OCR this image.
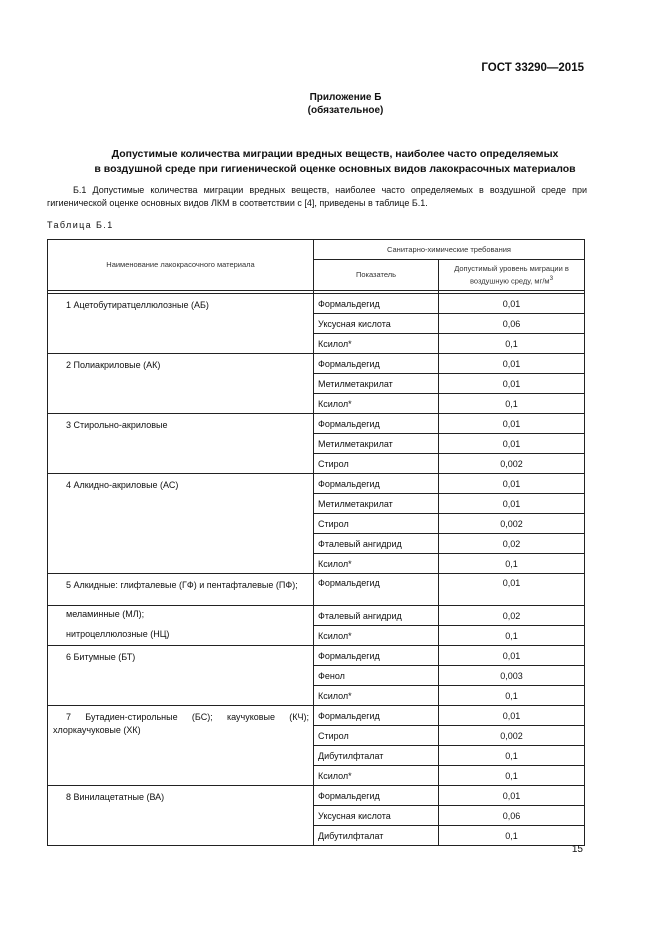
ГОСТ 33290—2015
Приложение Б
(обязательное)
Допустимые количества миграции вредных веществ, наиболее часто определяемых
в воздушной среде при гигиенической оценке основных видов лакокрасочных материалов

Б.1 Допустимые количества миграции вредных веществ, наиболее часто определяемых в воздушной среде при гигиенической оценке основных видов ЛКМ в соответствии с [4], приведены в таблице Б.1.

Таблица Б.1
Наименование лакокрасочного материала	Санитарно-химические требования	
	Показатель	Допустимый уровень миграции в воздушную среду, $мг/м^3$

1 Ацетобутиратцеллюлозные (АБ)	Формальдегид	0,01
	Уксусная кислота	0,06
	Ксилол*	0,1
2 Полиакриловые (АК)	Формальдегид	0,01
	Метилметакрилат	0,01
	Ксилол*	0,1
3 Стирольно-акриловые	Формальдегид	0,01
	Метилметакрилат	0,01
	Стирол	0,002
4 Алкидно-акриловые (АС)	Формальдегид	0,01
	Метилметакрилат	0,01
	Стирол	0,002
	Фталевый ангидрид	0,02
	Ксилол*	0,1
5 Алкидные: глифталевые (ГФ) и пентафталевые (ПФ);	Формальдегид	0,01
меламинные (МЛ);	Фталевый ангидрид	0,02
нитроцеллюлозные (НЦ)	Ксилол*	0,1
6 Битумные (БТ)	Формальдегид	0,01
	Фенол	0,003
	Ксилол*	0,1
7 Бутадиен-стирольные (БС); каучуковые (КЧ); хлоркаучуковые (ХК)	Формальдегид	0,01
	Стирол	0,002
	Дибутилфталат	0,1
	Ксилол*	0,1
8 Винилацетатные (ВА)	Формальдегид	0,01
	Уксусная кислота	0,06
	Дибутилфталат	0,1
15
